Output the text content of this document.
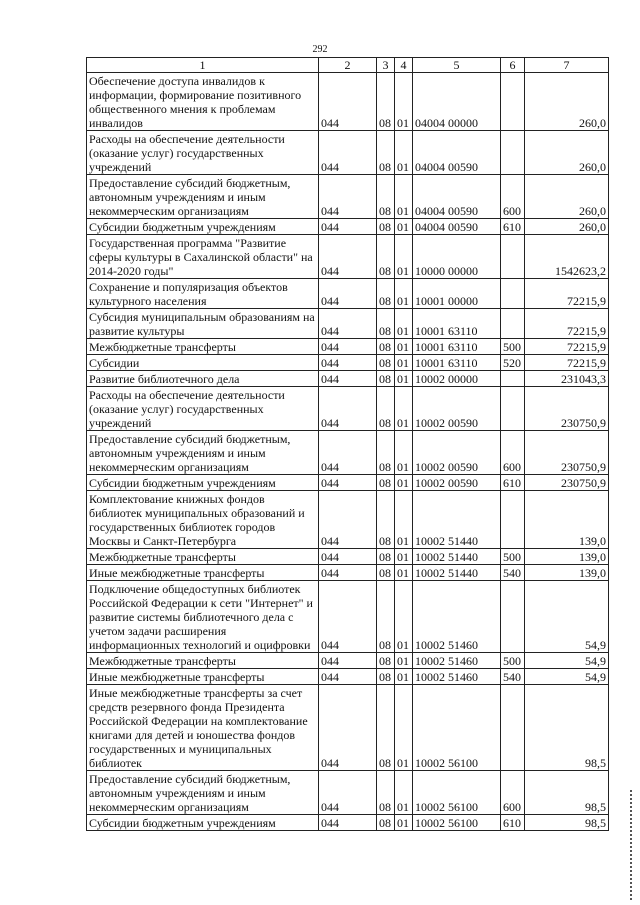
292
1	2	3	4	5	6	7
Обеспечение доступа инвалидов к информации, формирование позитивного общественного мнения к проблемам инвалидов	044	08	01	04004 00000		260,0
Расходы на обеспечение деятельности (оказание услуг) государственных учреждений	044	08	01	04004 00590		260,0
Предоставление субсидий бюджетным, автономным учреждениям и иным некоммерческим организациям	044	08	01	04004 00590	600	260,0
Субсидии бюджетным учреждениям	044	08	01	04004 00590	610	260,0
Государственная программа "Развитие сферы культуры в Сахалинской области" на 2014-2020 годы"	044	08	01	10000 00000		1542623,2
Сохранение и популяризация объектов культурного населения	044	08	01	10001 00000		72215,9
Субсидия муниципальным образованиям на развитие культуры	044	08	01	10001 63110		72215,9
Межбюджетные трансферты	044	08	01	10001 63110	500	72215,9
Субсидии	044	08	01	10001 63110	520	72215,9
Развитие библиотечного дела	044	08	01	10002 00000		231043,3
Расходы на обеспечение деятельности (оказание услуг) государственных учреждений	044	08	01	10002 00590		230750,9
Предоставление субсидий бюджетным, автономным учреждениям и иным некоммерческим организациям	044	08	01	10002 00590	600	230750,9
Субсидии бюджетным учреждениям	044	08	01	10002 00590	610	230750,9
Комплектование книжных фондов библиотек муниципальных образований и государственных библиотек городов Москвы и Санкт-Петербурга	044	08	01	10002 51440		139,0
Межбюджетные трансферты	044	08	01	10002 51440	500	139,0
Иные межбюджетные трансферты	044	08	01	10002 51440	540	139,0
Подключение общедоступных библиотек Российской Федерации к сети "Интернет" и развитие системы библиотечного дела с учетом задачи расширения информационных технологий и оцифровки	044	08	01	10002 51460		54,9
Межбюджетные трансферты	044	08	01	10002 51460	500	54,9
Иные межбюджетные трансферты	044	08	01	10002 51460	540	54,9
Иные межбюджетные трансферты за счет средств резервного фонда Президента Российской Федерации на комплектование книгами для детей и юношества фондов государственных и муниципальных библиотек	044	08	01	10002 56100		98,5
Предоставление субсидий бюджетным, автономным учреждениям и иным некоммерческим организациям	044	08	01	10002 56100	600	98,5
Субсидии бюджетным учреждениям	044	08	01	10002 56100	610	98,5
